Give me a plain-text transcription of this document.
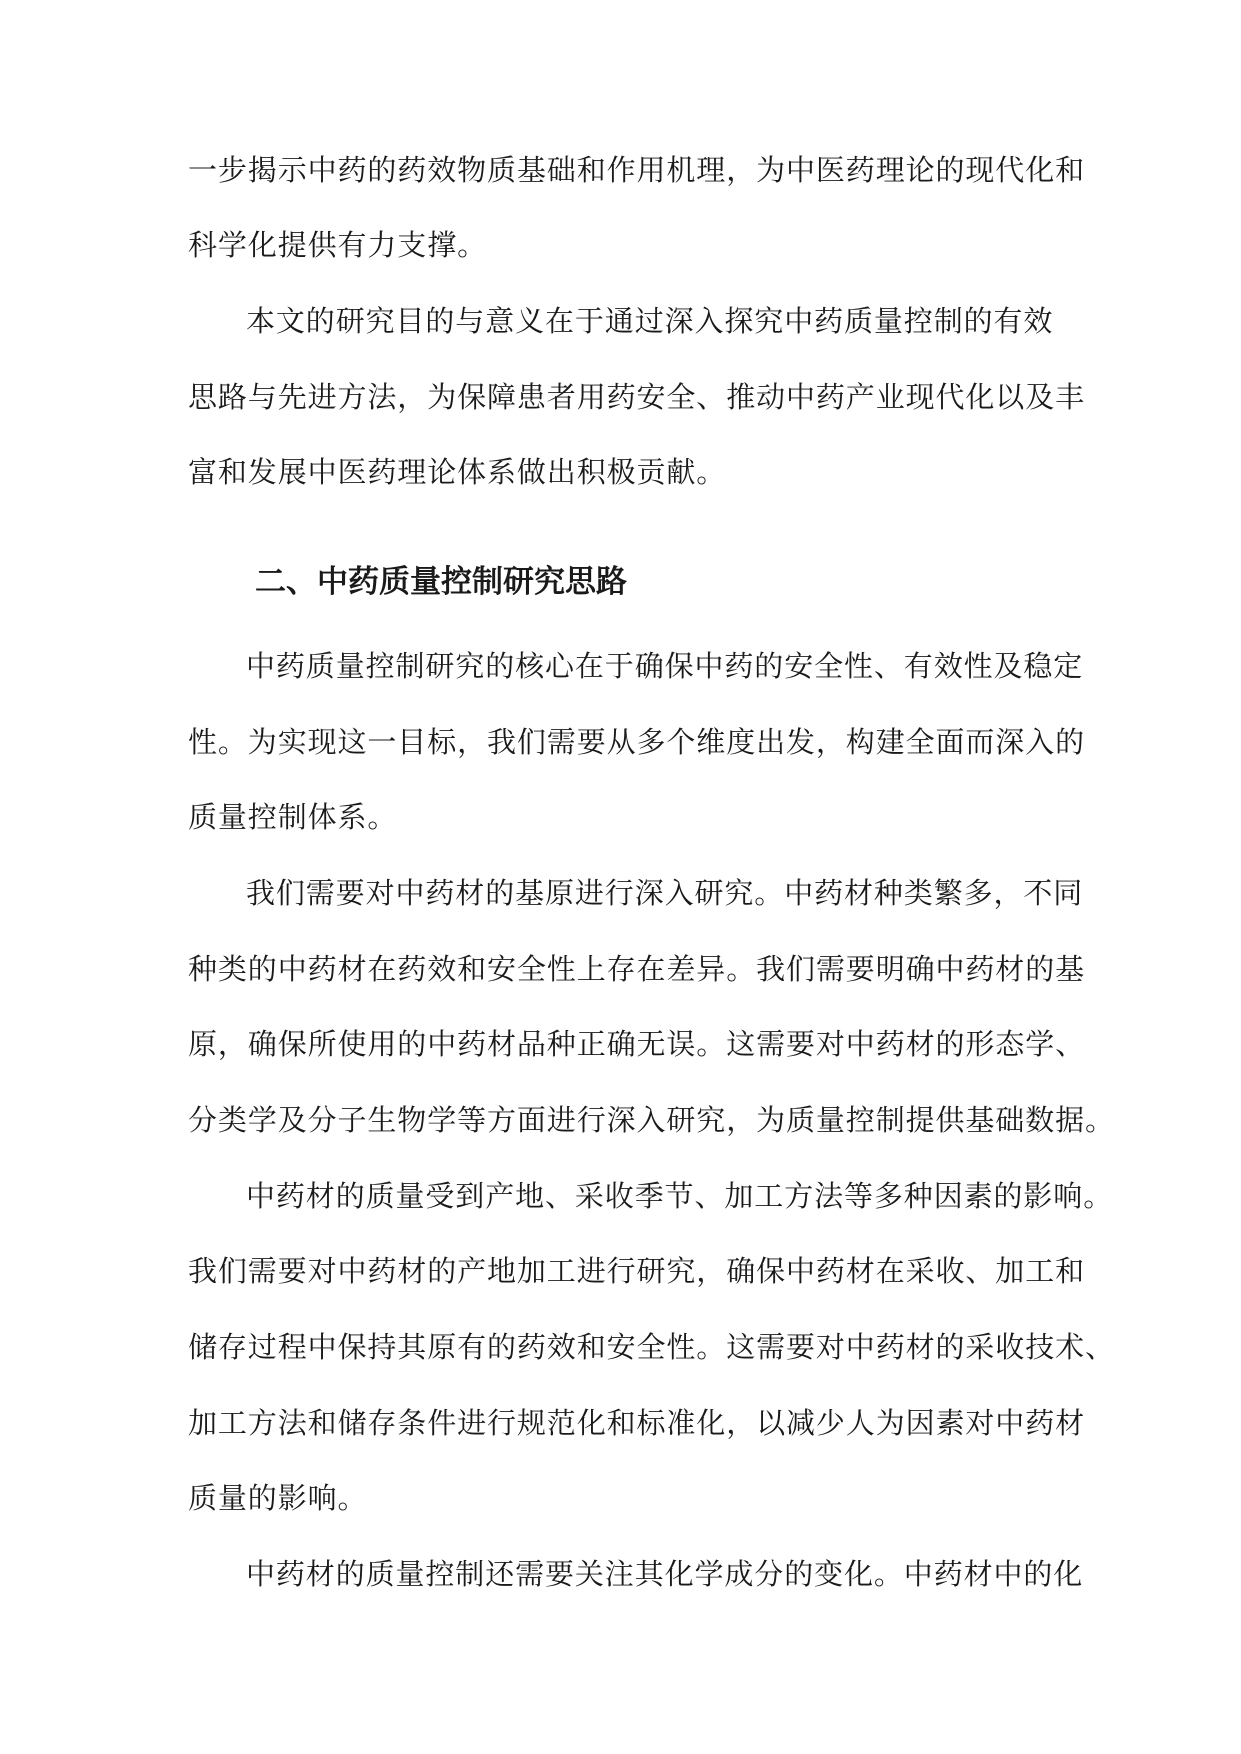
一步揭示中药的药效物质基础和作用机理，为中医药理论的现代化和
科学化提供有力支撑。
本文的研究目的与意义在于通过深入探究中药质量控制的有效
思路与先进方法，为保障患者用药安全、推动中药产业现代化以及丰
富和发展中医药理论体系做出积极贡献。
二、中药质量控制研究思路
中药质量控制研究的核心在于确保中药的安全性、有效性及稳定
性。为实现这一目标，我们需要从多个维度出发，构建全面而深入的
质量控制体系。
我们需要对中药材的基原进行深入研究。中药材种类繁多，不同
种类的中药材在药效和安全性上存在差异。我们需要明确中药材的基
原，确保所使用的中药材品种正确无误。这需要对中药材的形态学、
分类学及分子生物学等方面进行深入研究，为质量控制提供基础数据。
中药材的质量受到产地、采收季节、加工方法等多种因素的影响。
我们需要对中药材的产地加工进行研究，确保中药材在采收、加工和
储存过程中保持其原有的药效和安全性。这需要对中药材的采收技术、
加工方法和储存条件进行规范化和标准化，以减少人为因素对中药材
质量的影响。
中药材的质量控制还需要关注其化学成分的变化。中药材中的化
